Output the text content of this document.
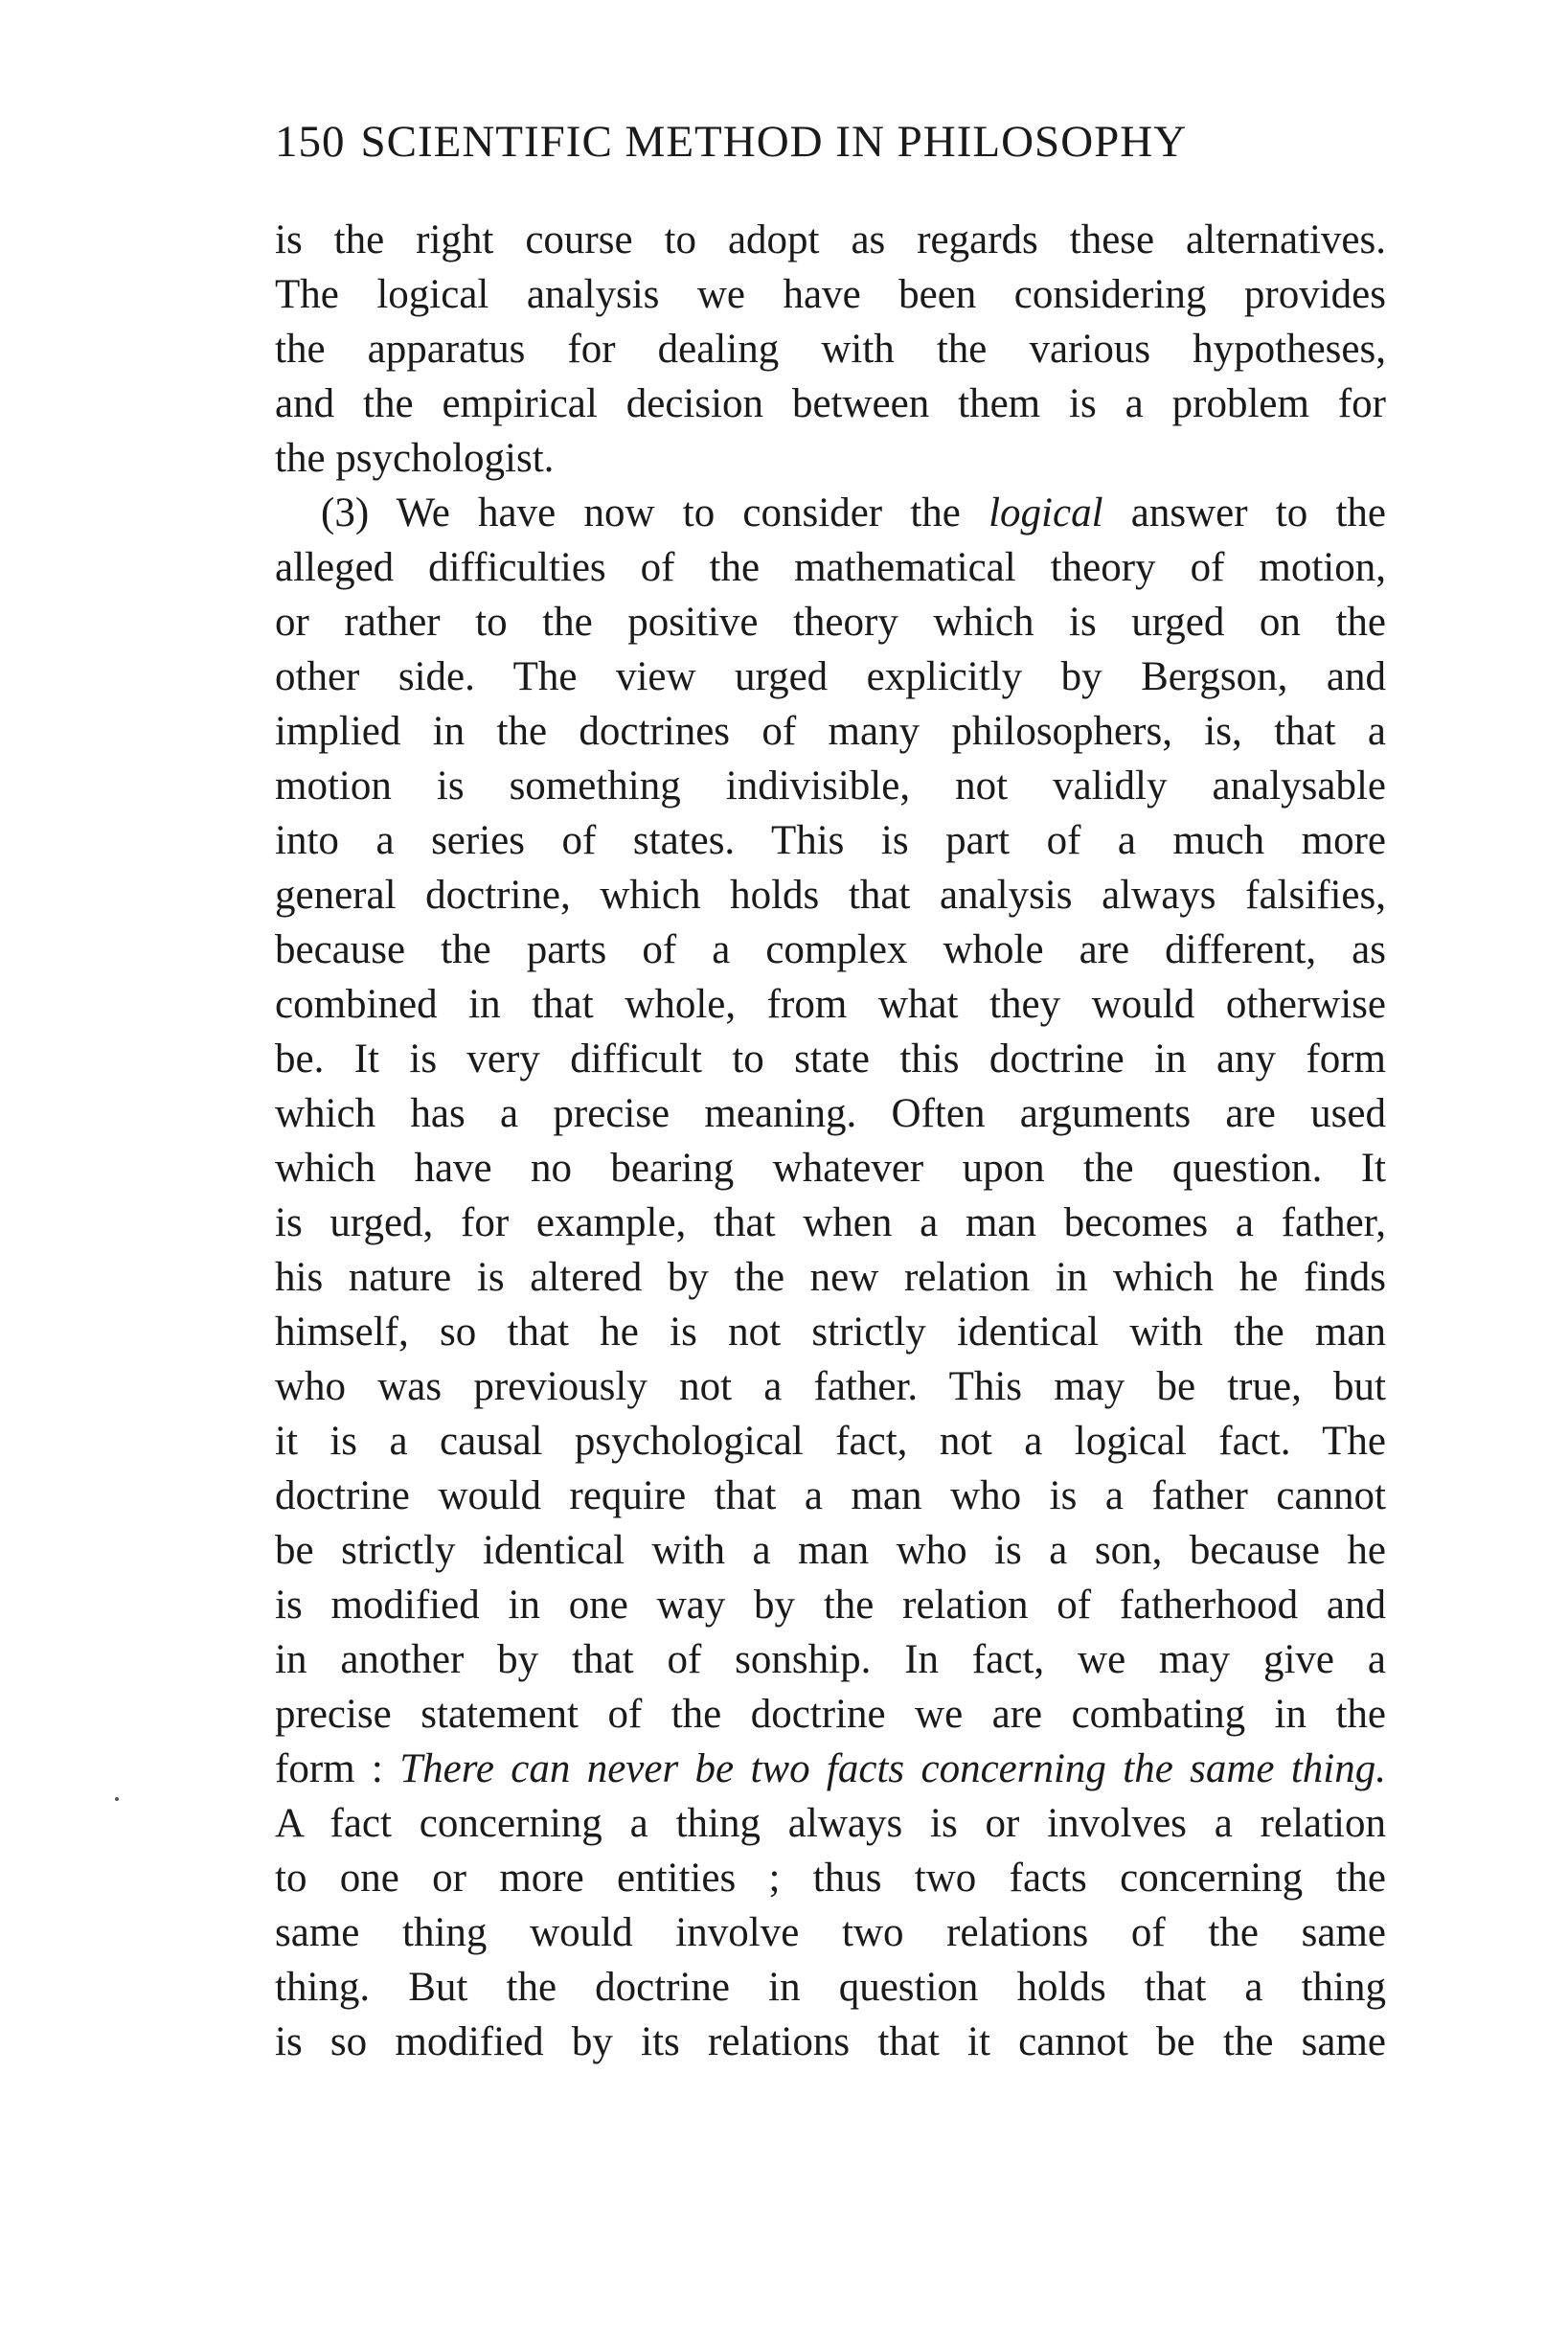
150 SCIENTIFIC METHOD IN PHILOSOPHY
is the right course to adopt as regards these alternatives.
The logical analysis we have been considering provides
the apparatus for dealing with the various hypotheses,
and the empirical decision between them is a problem for
the psychologist.
(3) We have now to consider the logical answer to the
alleged difficulties of the mathematical theory of motion,
or rather to the positive theory which is urged on the
other side. The view urged explicitly by Bergson, and
implied in the doctrines of many philosophers, is, that a
motion is something indivisible, not validly analysable
into a series of states. This is part of a much more
general doctrine, which holds that analysis always falsifies,
because the parts of a complex whole are different, as
combined in that whole, from what they would otherwise
be. It is very difficult to state this doctrine in any form
which has a precise meaning. Often arguments are used
which have no bearing whatever upon the question. It
is urged, for example, that when a man becomes a father,
his nature is altered by the new relation in which he finds
himself, so that he is not strictly identical with the man
who was previously not a father. This may be true, but
it is a causal psychological fact, not a logical fact. The
doctrine would require that a man who is a father cannot
be strictly identical with a man who is a son, because he
is modified in one way by the relation of fatherhood and
in another by that of sonship. In fact, we may give a
precise statement of the doctrine we are combating in the
form : There can never be two facts concerning the same thing.
A fact concerning a thing always is or involves a relation
to one or more entities ; thus two facts concerning the
same thing would involve two relations of the same
thing. But the doctrine in question holds that a thing
is so modified by its relations that it cannot be the same
